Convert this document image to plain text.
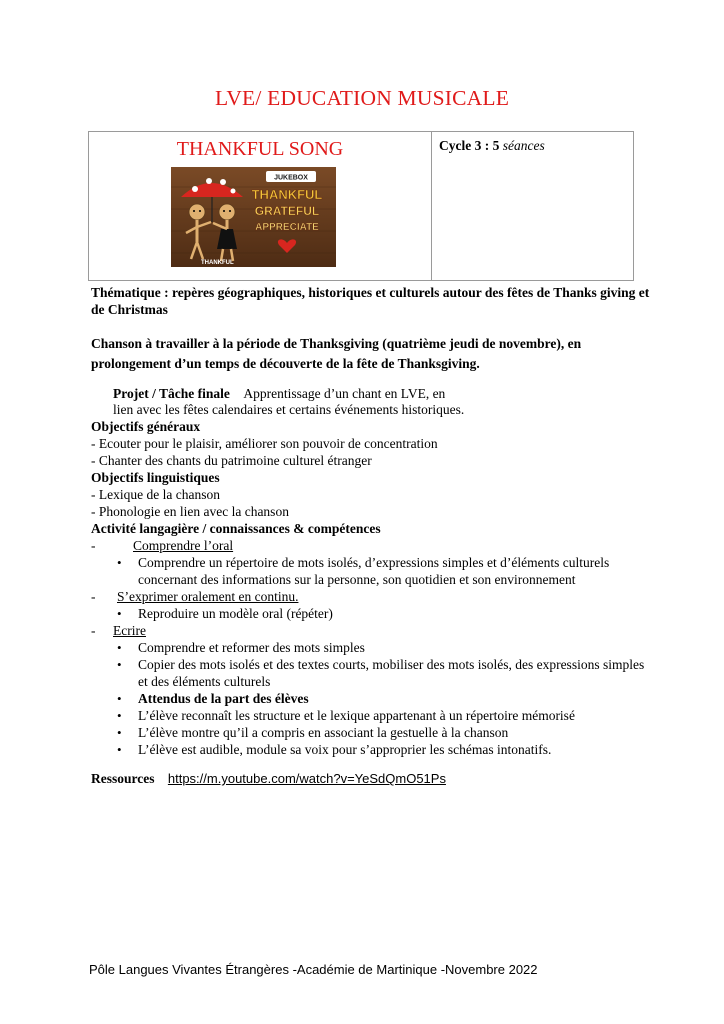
LVE/ EDUCATION MUSICALE
THANKFUL SONG	Cycle 3 : 5 séances
JUKEBOX
THANKFUL
GRATEFUL
APPRECIATE
THANKFUL

Thématique : repères géographiques, historiques et culturels autour des fêtes de Thanks giving et de Christmas

Chanson à travailler à la période de Thanksgiving (quatrième jeudi de novembre), en prolongement d’un temps de découverte de la fête de Thanksgiving.

Projet / Tâche finale Apprentissage d’un chant en LVE, en
lien avec les fêtes calendaires et certains événements historiques.

Objectifs généraux

- Ecouter pour le plaisir, améliorer son pouvoir de concentration

- Chanter des chants du patrimoine culturel étranger

Objectifs linguistiques

- Lexique de la chanson

- Phonologie en lien avec la chanson

Activité langagière / connaissances & compétences

-	Comprendre l’oral

• Comprendre un répertoire de mots isolés, d’expressions simples et d’éléments culturels concernant des informations sur la personne, son quotidien et son environnement

- S’exprimer oralement en continu.

• Reproduire un modèle oral (répéter)

- Ecrire

• Comprendre et reformer des mots simples
• Copier des mots isolés et des textes courts, mobiliser des mots isolés, des expressions simples et des éléments culturels
• Attendus de la part des élèves
• L’élève reconnaît les structure et le lexique appartenant à un répertoire mémorisé
• L’élève montre qu’il a compris en associant la gestuelle à la chanson
• L’élève est audible, module sa voix pour s’approprier les schémas intonatifs.
Ressources https://m.youtube.com/watch?v=YeSdQmO51Ps
Pôle Langues Vivantes Étrangères -Académie de Martinique -Novembre 2022
